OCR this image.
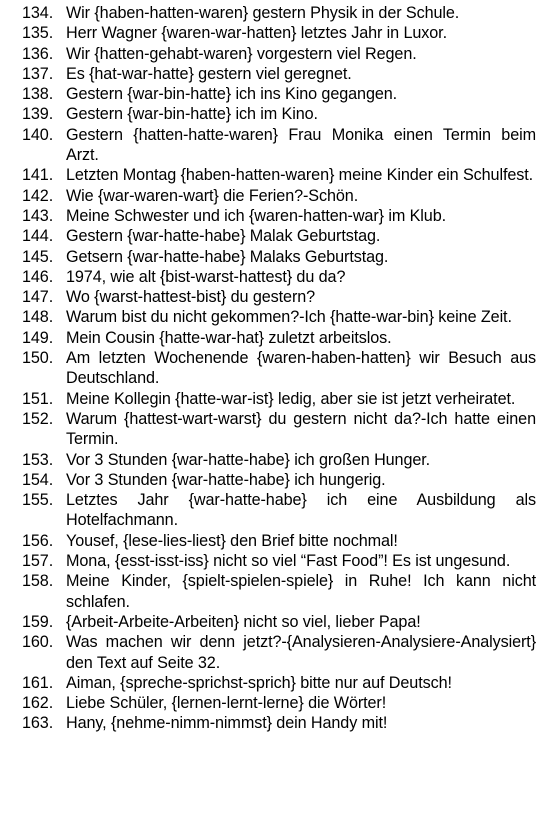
134. Wir {haben-hatten-waren} gestern Physik in der Schule.
135. Herr Wagner {waren-war-hatten} letztes Jahr in Luxor.
136. Wir {hatten-gehabt-waren} vorgestern viel Regen.
137. Es {hat-war-hatte} gestern viel geregnet.
138. Gestern {war-bin-hatte} ich ins Kino gegangen.
139. Gestern {war-bin-hatte} ich im Kino.
140. Gestern {hatten-hatte-waren} Frau Monika einen Termin beim Arzt.
141. Letzten Montag {haben-hatten-waren} meine Kinder ein Schulfest.
142. Wie {war-waren-wart} die Ferien?-Schön.
143. Meine Schwester und ich {waren-hatten-war} im Klub.
144. Gestern {war-hatte-habe} Malak Geburtstag.
145. Getsern {war-hatte-habe} Malaks Geburtstag.
146. 1974, wie alt {bist-warst-hattest} du da?
147. Wo {warst-hattest-bist} du gestern?
148. Warum bist du nicht gekommen?-Ich {hatte-war-bin} keine Zeit.
149. Mein Cousin {hatte-war-hat} zuletzt arbeitslos.
150. Am letzten Wochenende {waren-haben-hatten} wir Besuch aus Deutschland.
151. Meine Kollegin {hatte-war-ist} ledig, aber sie ist jetzt verheiratet.
152. Warum {hattest-wart-warst} du gestern nicht da?-Ich hatte einen Termin.
153. Vor 3 Stunden {war-hatte-habe} ich großen Hunger.
154. Vor 3 Stunden {war-hatte-habe} ich hungerig.
155. Letztes Jahr {war-hatte-habe} ich eine Ausbildung als Hotelfachmann.
156. Yousef, {lese-lies-liest} den Brief bitte nochmal!
157. Mona, {esst-isst-iss} nicht so viel “Fast Food”! Es ist ungesund.
158. Meine Kinder, {spielt-spielen-spiele} in Ruhe! Ich kann nicht schlafen.
159. {Arbeit-Arbeite-Arbeiten} nicht so viel, lieber Papa!
160. Was machen wir denn jetzt?-{Analysieren-Analysiere-Analysiert} den Text auf Seite 32.
161. Aiman, {spreche-sprichst-sprich} bitte nur auf Deutsch!
162. Liebe Schüler, {lernen-lernt-lerne} die Wörter!
163. Hany, {nehme-nimm-nimmst} dein Handy mit!
